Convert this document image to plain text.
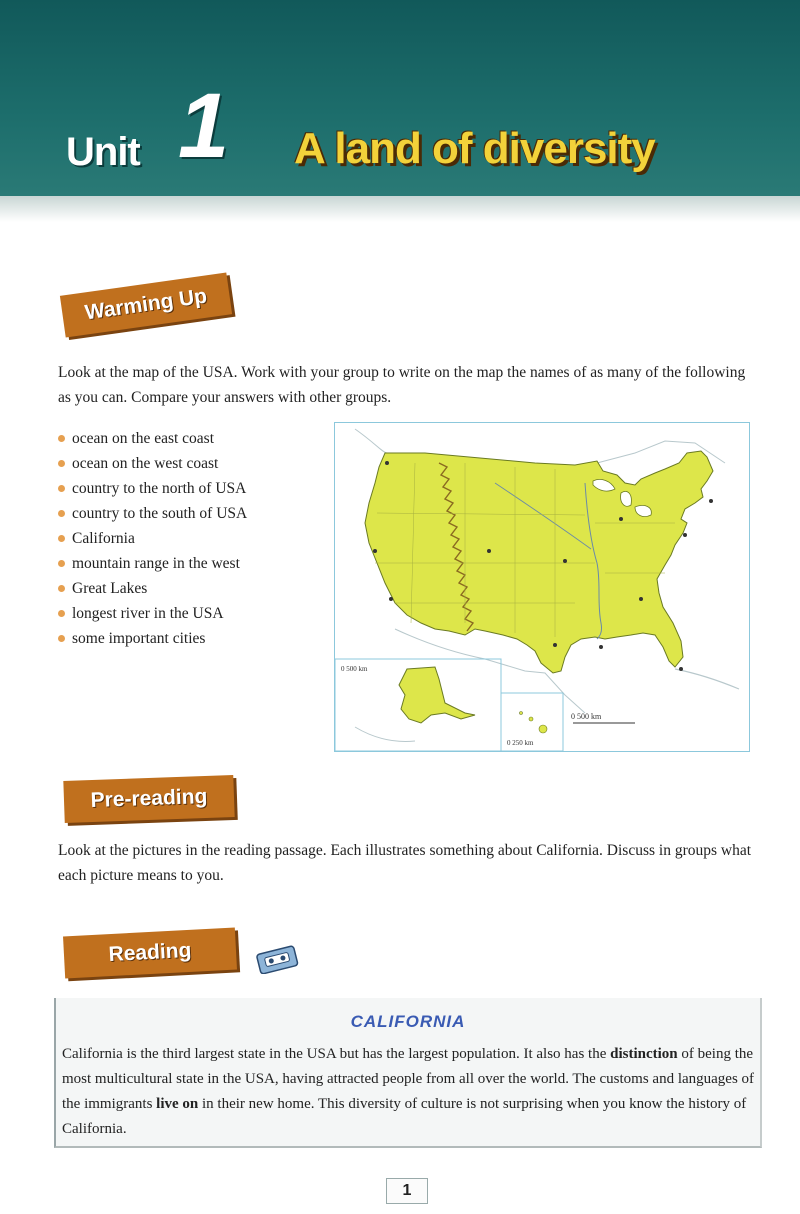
Unit 1 A land of diversity
Warming Up
Look at the map of the USA. Work with your group to write on the map the names of as many of the following as you can. Compare your answers with other groups.
ocean on the east coast
ocean on the west coast
country to the north of USA
country to the south of USA
California
mountain range in the west
Great Lakes
longest river in the USA
some important cities
0 500 km
0 250 km
0 500 km
Pre-reading
Look at the pictures in the reading passage. Each illustrates something about California. Discuss in groups what each picture means to you.
Reading
CALIFORNIA
California is the third largest state in the USA but has the largest population. It also has the distinction of being the most multicultural state in the USA, having attracted people from all over the world. The customs and languages of the immigrants live on in their new home. This diversity of culture is not surprising when you know the history of California.
1
